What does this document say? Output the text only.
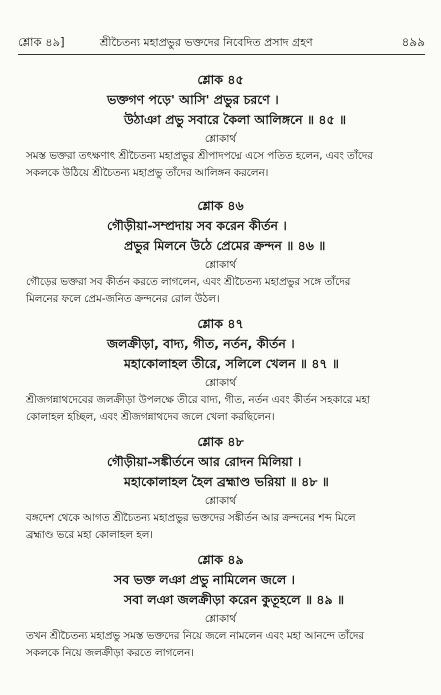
শ্লোক ৪৯]	শ্রীচৈতন্য মহাপ্রভুর ভক্তদের নিবেদিত প্রসাদ গ্রহণ	৪৯৯
শ্লোক ৪৫
ভক্তগণ পড়ে' আসি' প্রভুর চরণে ।
উঠাঞা প্রভু সবারে কৈলা আলিঙ্গনে ॥ ৪৫ ॥
শ্লোকার্থ
সমস্ত ভক্তরা তৎক্ষণাৎ শ্রীচৈতন্য মহাপ্রভুর শ্রীপাদপদ্মে এসে পতিত হলেন, এবং তাঁদের
সকলকে উঠিয়ে শ্রীচৈতন্য মহাপ্রভু তাঁদের আলিঙ্গন করলেন।
শ্লোক ৪৬
গৌড়ীয়া-সম্প্রদায় সব করেন কীর্তন ।
প্রভুর মিলনে উঠে প্রেমের ক্রন্দন ॥ ৪৬ ॥
শ্লোকার্থ
গৌড়ের ভক্তরা সব কীর্তন করতে লাগলেন, এবং শ্রীচৈতন্য মহাপ্রভুর সঙ্গে তাঁদের
মিলনের ফলে প্রেম-জনিত ক্রন্দনের রোল উঠল।
শ্লোক ৪৭
জলক্রীড়া, বাদ্য, গীত, নর্তন, কীর্তন ।
মহাকোলাহল তীরে, সলিলে খেলন ॥ ৪৭ ॥
শ্লোকার্থ
শ্রীজগন্নাথদেবের জলক্রীড়া উপলক্ষে তীরে বাদ্য, গীত, নর্তন এবং কীর্তন সহকারে মহা
কোলাহল হচ্ছিল, এবং শ্রীজগন্নাথদেব জলে খেলা করছিলেন।
শ্লোক ৪৮
গৌড়ীয়া-সঙ্কীর্তনে আর রোদন মিলিয়া ।
মহাকোলাহল হৈল ব্রহ্মাণ্ড ভরিয়া ॥ ৪৮ ॥
শ্লোকার্থ
বঙ্গদেশ থেকে আগত শ্রীচৈতন্য মহাপ্রভুর ভক্তদের সঙ্কীর্তন আর ক্রন্দনের শব্দ মিলে
ব্রহ্মাণ্ড ভরে মহা কোলাহল হল।
শ্লোক ৪৯
সব ভক্ত লঞা প্রভু নামিলেন জলে ।
সবা লঞা জলক্রীড়া করেন কুতূহলে ॥ ৪৯ ॥
শ্লোকার্থ
তখন শ্রীচৈতন্য মহাপ্রভু সমস্ত ভক্তদের নিয়ে জলে নামলেন এবং মহা আনন্দে তাঁদের
সকলকে নিয়ে জলক্রীড়া করতে লাগলেন।
